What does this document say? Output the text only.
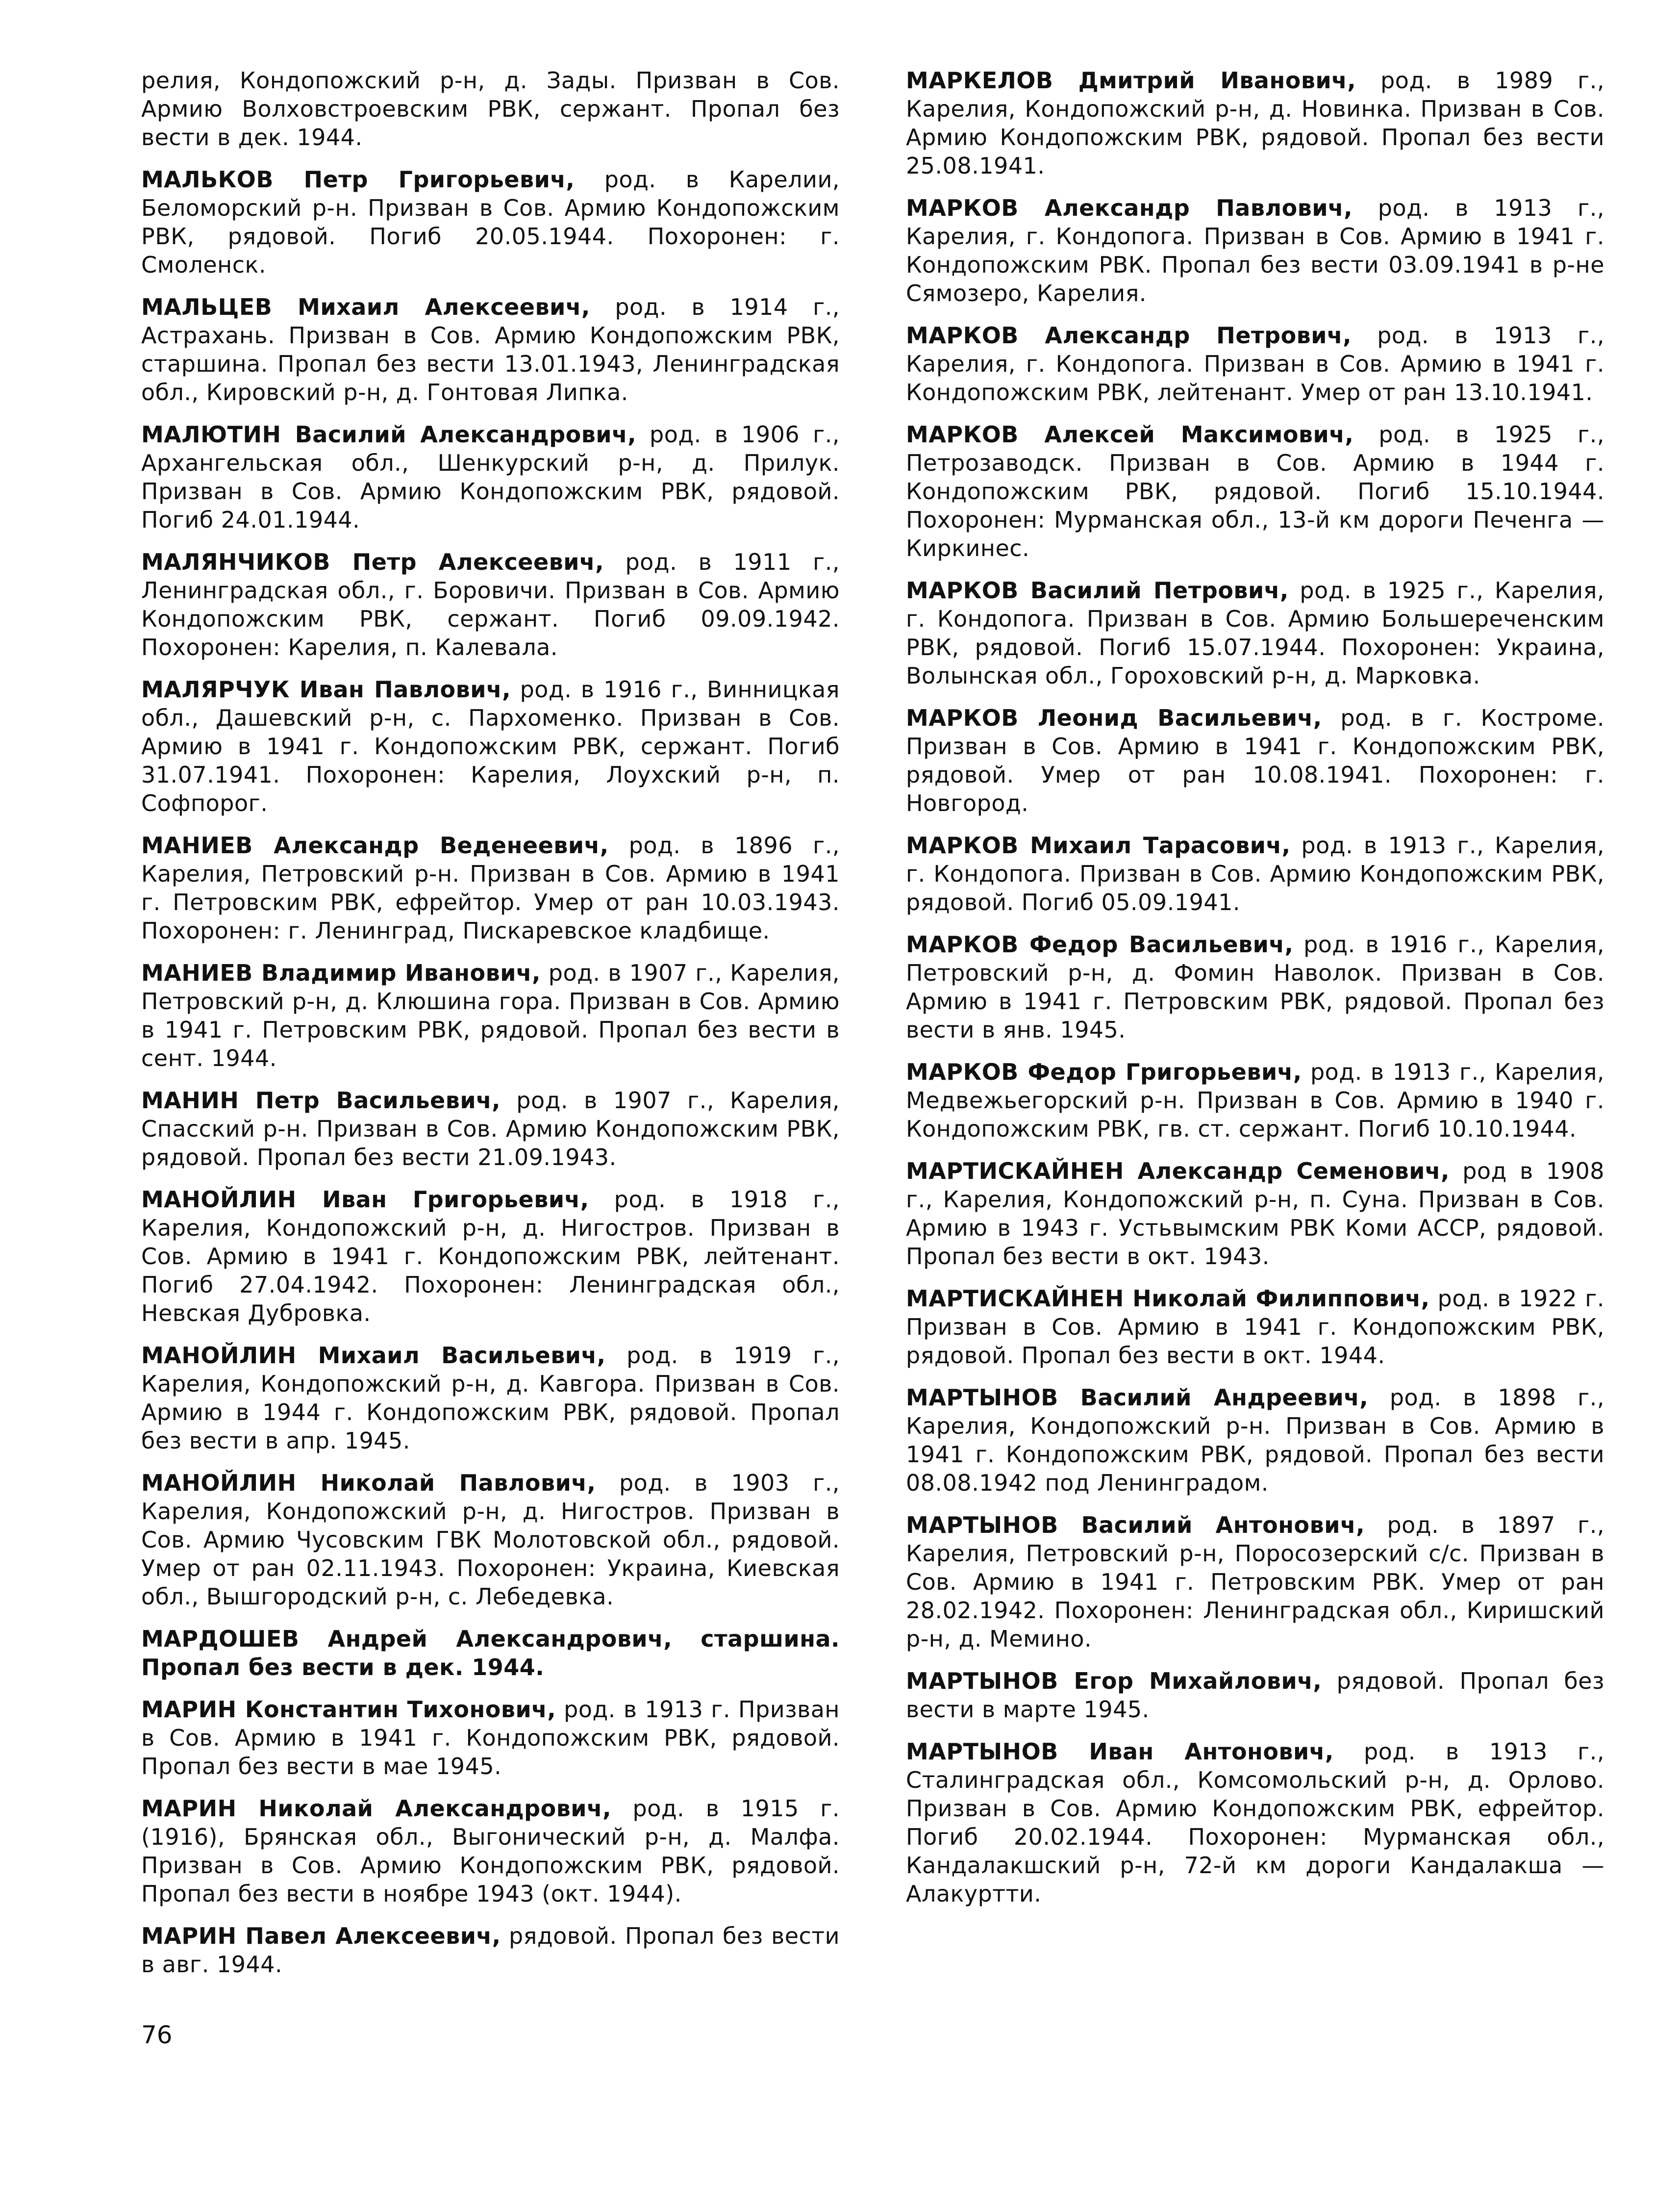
релия, Кондопожский р-н, д. Зады. Призван в Сов. Армию Волховстроевским РВК, сержант. Пропал без вести в дек. 1944.

МАЛЬКОВ Петр Григорьевич, род. в Карелии, Беломорский р-н. Призван в Сов. Армию Кондопожским РВК, рядовой. Погиб 20.05.1944. Похоронен: г. Смоленск.

МАЛЬЦЕВ Михаил Алексеевич, род. в 1914 г., Астрахань. Призван в Сов. Армию Кондопожским РВК, старшина. Пропал без вести 13.01.1943, Ленинградская обл., Кировский р-н, д. Гонтовая Липка.

МАЛЮТИН Василий Александрович, род. в 1906 г., Архангельская обл., Шенкурский р-н, д. Прилук. Призван в Сов. Армию Кондопожским РВК, рядовой. Погиб 24.01.1944.

МАЛЯНЧИКОВ Петр Алексеевич, род. в 1911 г., Ленинградская обл., г. Боровичи. Призван в Сов. Армию Кондопожским РВК, сержант. Погиб 09.09.1942. Похоронен: Карелия, п. Калевала.

МАЛЯРЧУК Иван Павлович, род. в 1916 г., Винницкая обл., Дашевский р-н, с. Пархоменко. Призван в Сов. Армию в 1941 г. Кондопожским РВК, сержант. Погиб 31.07.1941. Похоронен: Карелия, Лоухский р-н, п. Софпорог.

МАНИЕВ Александр Веденеевич, род. в 1896 г., Карелия, Петровский р-н. Призван в Сов. Армию в 1941 г. Петровским РВК, ефрейтор. Умер от ран 10.03.1943. Похоронен: г. Ленинград, Пискаревское кладбище.

МАНИЕВ Владимир Иванович, род. в 1907 г., Карелия, Петровский р-н, д. Клюшина гора. Призван в Сов. Армию в 1941 г. Петровским РВК, рядовой. Пропал без вести в сент. 1944.

МАНИН Петр Васильевич, род. в 1907 г., Карелия, Спасский р-н. Призван в Сов. Армию Кондопожским РВК, рядовой. Пропал без вести 21.09.1943.

МАНОЙЛИН Иван Григорьевич, род. в 1918 г., Карелия, Кондопожский р-н, д. Нигостров. Призван в Сов. Армию в 1941 г. Кондопожским РВК, лейтенант. Погиб 27.04.1942. Похоронен: Ленинградская обл., Невская Дубровка.

МАНОЙЛИН Михаил Васильевич, род. в 1919 г., Карелия, Кондопожский р-н, д. Кавгора. Призван в Сов. Армию в 1944 г. Кондопожским РВК, рядовой. Пропал без вести в апр. 1945.

МАНОЙЛИН Николай Павлович, род. в 1903 г., Карелия, Кондопожский р-н, д. Нигостров. Призван в Сов. Армию Чусовским ГВК Молотовской обл., рядовой. Умер от ран 02.11.1943. Похоронен: Украина, Киевская обл., Вышгородский р-н, с. Лебедевка.

МАРДОШЕВ Андрей Александрович, старшина. Пропал без вести в дек. 1944.

МАРИН Константин Тихонович, род. в 1913 г. Призван в Сов. Армию в 1941 г. Кондопожским РВК, рядовой. Пропал без вести в мае 1945.

МАРИН Николай Александрович, род. в 1915 г. (1916), Брянская обл., Выгонический р-н, д. Малфа. Призван в Сов. Армию Кондопожским РВК, рядовой. Пропал без вести в ноябре 1943 (окт. 1944).

МАРИН Павел Алексеевич, рядовой. Пропал без вести в авг. 1944.

МАРКЕЛОВ Дмитрий Иванович, род. в 1989 г., Карелия, Кондопожский р-н, д. Новинка. Призван в Сов. Армию Кондопожским РВК, рядовой. Пропал без вести 25.08.1941.

МАРКОВ Александр Павлович, род. в 1913 г., Карелия, г. Кондопога. Призван в Сов. Армию в 1941 г. Кондопожским РВК. Пропал без вести 03.09.1941 в р-не Сямозеро, Карелия.

МАРКОВ Александр Петрович, род. в 1913 г., Карелия, г. Кондопога. Призван в Сов. Армию в 1941 г. Кондопожским РВК, лейтенант. Умер от ран 13.10.1941.

МАРКОВ Алексей Максимович, род. в 1925 г., Петрозаводск. Призван в Сов. Армию в 1944 г. Кондопожским РВК, рядовой. Погиб 15.10.1944. Похоронен: Мурманская обл., 13-й км дороги Печенга — Киркинес.

МАРКОВ Василий Петрович, род. в 1925 г., Карелия, г. Кондопога. Призван в Сов. Армию Большереченским РВК, рядовой. Погиб 15.07.1944. Похоронен: Украина, Волынская обл., Гороховский р-н, д. Марковка.

МАРКОВ Леонид Васильевич, род. в г. Костроме. Призван в Сов. Армию в 1941 г. Кондопожским РВК, рядовой. Умер от ран 10.08.1941. Похоронен: г. Новгород.

МАРКОВ Михаил Тарасович, род. в 1913 г., Карелия, г. Кондопога. Призван в Сов. Армию Кондопожским РВК, рядовой. Погиб 05.09.1941.

МАРКОВ Федор Васильевич, род. в 1916 г., Карелия, Петровский р-н, д. Фомин Наволок. Призван в Сов. Армию в 1941 г. Петровским РВК, рядовой. Пропал без вести в янв. 1945.

МАРКОВ Федор Григорьевич, род. в 1913 г., Карелия, Медвежьегорский р-н. Призван в Сов. Армию в 1940 г. Кондопожским РВК, гв. ст. сержант. Погиб 10.10.1944.

МАРТИСКАЙНЕН Александр Семенович, род в 1908 г., Карелия, Кондопожский р-н, п. Суна. Призван в Сов. Армию в 1943 г. Устьвымским РВК Коми АССР, рядовой. Пропал без вести в окт. 1943.

МАРТИСКАЙНЕН Николай Филиппович, род. в 1922 г. Призван в Сов. Армию в 1941 г. Кондопожским РВК, рядовой. Пропал без вести в окт. 1944.

МАРТЫНОВ Василий Андреевич, род. в 1898 г., Карелия, Кондопожский р-н. Призван в Сов. Армию в 1941 г. Кондопожским РВК, рядовой. Пропал без вести 08.08.1942 под Ленинградом.

МАРТЫНОВ Василий Антонович, род. в 1897 г., Карелия, Петровский р-н, Поросозерский с/с. Призван в Сов. Армию в 1941 г. Петровским РВК. Умер от ран 28.02.1942. Похоронен: Ленинградская обл., Киришский р-н, д. Мемино.

МАРТЫНОВ Егор Михайлович, рядовой. Пропал без вести в марте 1945.

МАРТЫНОВ Иван Антонович, род. в 1913 г., Сталинградская обл., Комсомольский р-н, д. Орлово. Призван в Сов. Армию Кондопожским РВК, ефрейтор. Погиб 20.02.1944. Похоронен: Мурманская обл., Кандалакшский р-н, 72-й км дороги Кандалакша — Алакуртти.

76
